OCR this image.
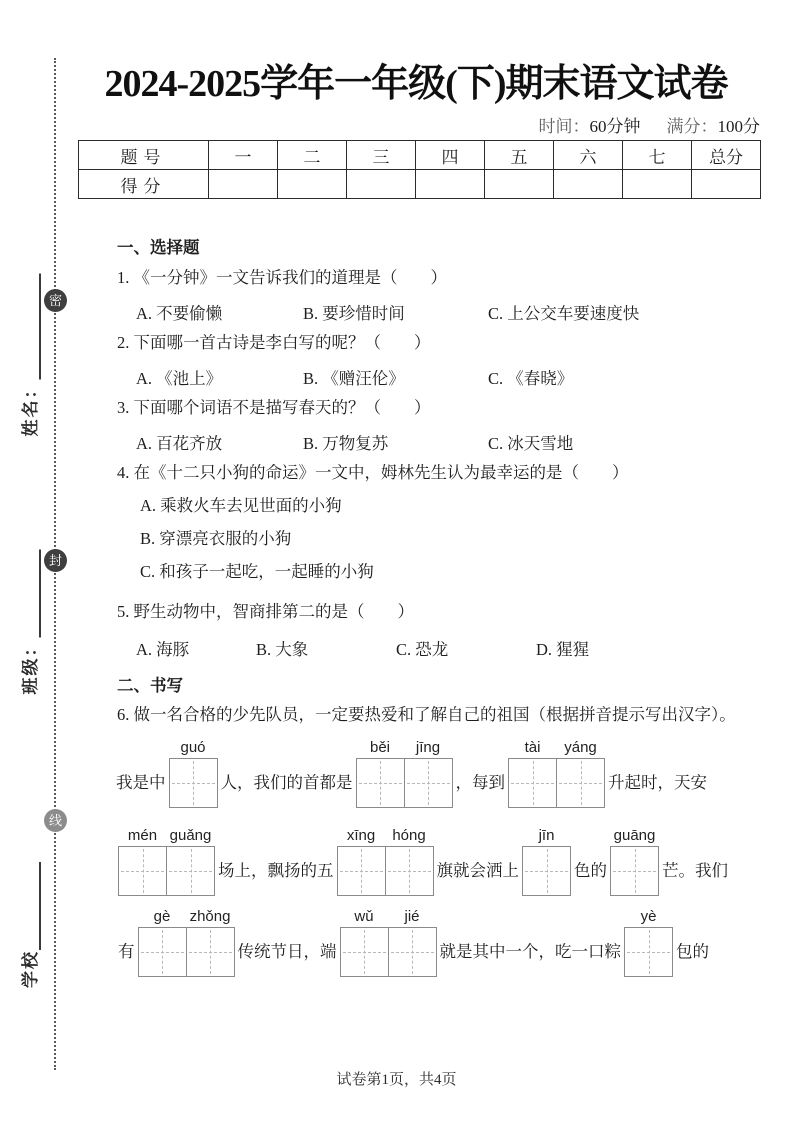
密
封
线
姓名：
班级：
学校
2024-2025学年一年级(下)期末语文试卷
时间：60分钟 满分：100分
题号	一	二	三	四	五	六	七	总分
得分								
一、选择题
1. 《一分钟》一文告诉我们的道理是（　　）
A. 不要偷懒	B. 要珍惜时间	C. 上公交车要速度快
2. 下面哪一首古诗是李白写的呢？（　　）
A. 《池上》	B. 《赠汪伦》	C. 《春晓》
3. 下面哪个词语不是描写春天的？（　　）
A. 百花齐放	B. 万物复苏	C. 冰天雪地
4. 在《十二只小狗的命运》一文中，姆林先生认为最幸运的是（　　）
A. 乘救火车去见世面的小狗
B. 穿漂亮衣服的小狗
C. 和孩子一起吃，一起睡的小狗
5. 野生动物中，智商排第二的是（　　）
A. 海豚	B. 大象	C. 恐龙	D. 猩猩
二、书写
6. 做一名合格的少先队员，一定要热爱和了解自己的祖国（根据拼音提示写出汉字）。
我是中
guó
人，我们的首都是
běi	jīng
，每到
tài	yáng
升起时，天安
mén guǎng
场上，飘扬的五
xīng	hóng
旗就会洒上
jīn
色的
guāng
芒。我们
有
gè	zhǒng
传统节日，端
wǔ	jié
就是其中一个，吃一口粽
yè
包的
试卷第1页，共4页
